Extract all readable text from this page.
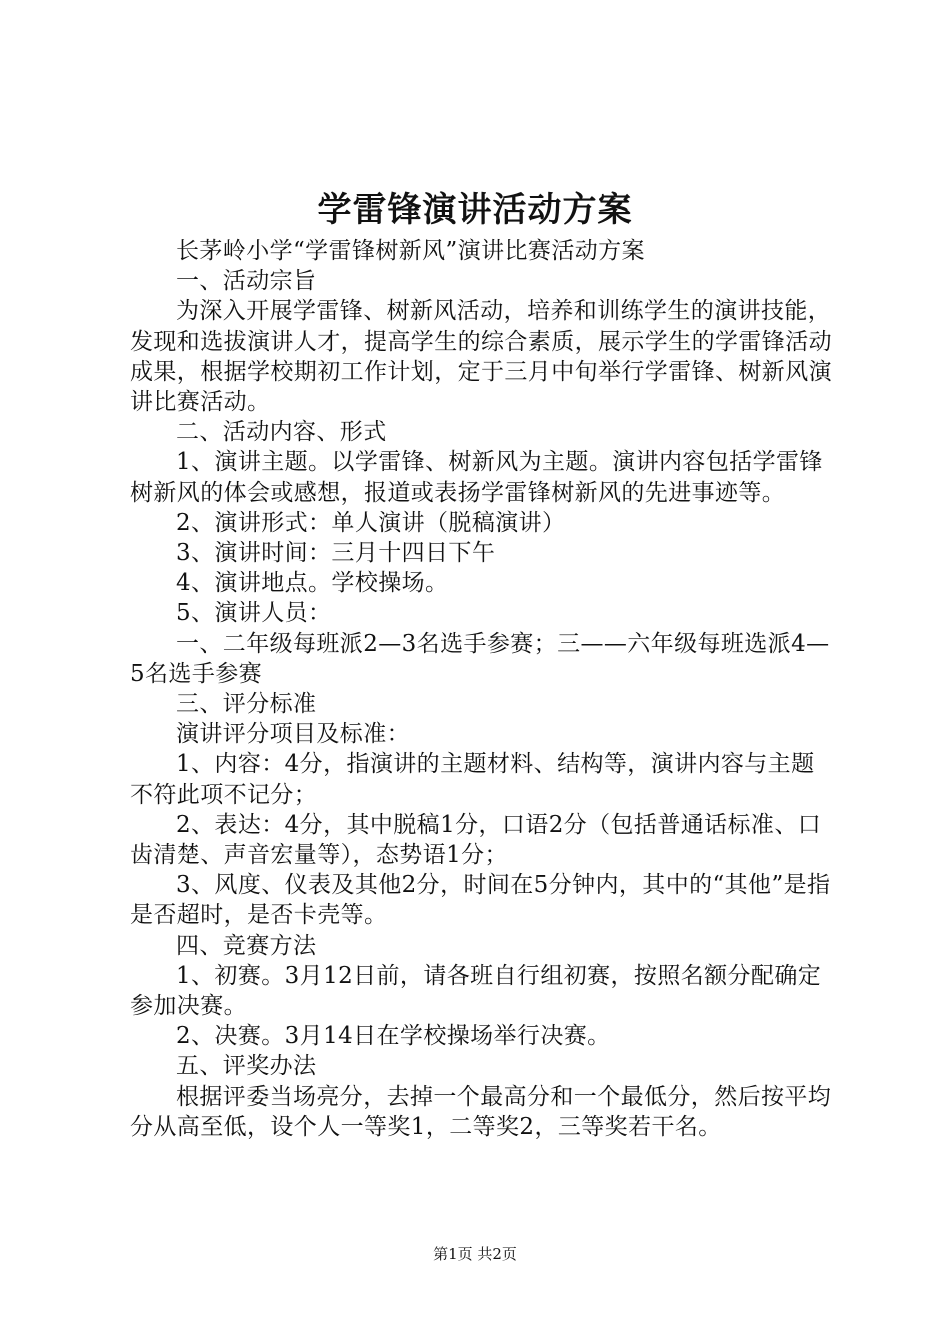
学雷锋演讲活动方案

长茅岭小学“学雷锋树新风”演讲比赛活动方案

一、活动宗旨

为深入开展学雷锋、树新风活动，培养和训练学生的演讲技能，发现和选拔演讲人才，提高学生的综合素质，展示学生的学雷锋活动成果，根据学校期初工作计划，定于三月中旬举行学雷锋、树新风演讲比赛活动。

二、活动内容、形式

1、演讲主题。以学雷锋、树新风为主题。演讲内容包括学雷锋树新风的体会或感想，报道或表扬学雷锋树新风的先进事迹等。

2、演讲形式：单人演讲（脱稿演讲）

3、演讲时间：三月十四日下午

4、演讲地点。学校操场。

5、演讲人员：

一、二年级每班派2—3名选手参赛；三——六年级每班选派4—5名选手参赛

三、评分标准

演讲评分项目及标准：

1、内容：4分，指演讲的主题材料、结构等，演讲内容与主题不符此项不记分；

2、表达：4分，其中脱稿1分，口语2分（包括普通话标准、口齿清楚、声音宏量等），态势语1分；

3、风度、仪表及其他2分，时间在5分钟内，其中的“其他”是指是否超时，是否卡壳等。

四、竞赛方法

1、初赛。3月12日前，请各班自行组初赛，按照名额分配确定参加决赛。

2、决赛。3月14日在学校操场举行决赛。

五、评奖办法

根据评委当场亮分，去掉一个最高分和一个最低分，然后按平均分从高至低，设个人一等奖1，二等奖2，三等奖若干名。

第1页 共2页
